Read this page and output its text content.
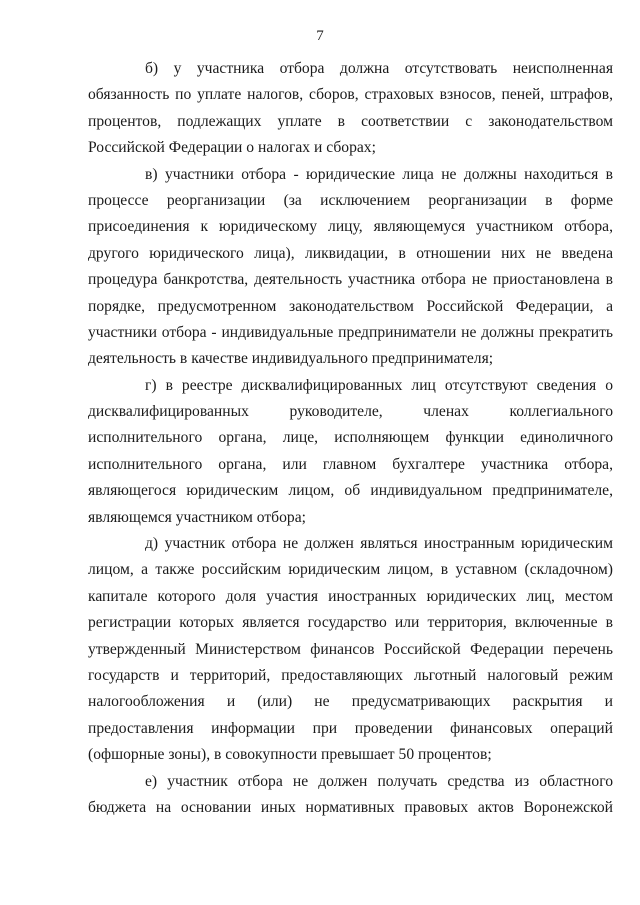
7
б) у участника отбора должна отсутствовать неисполненная
обязанность по уплате налогов, сборов, страховых взносов, пеней, штрафов,
процентов, подлежащих уплате в соответствии с законодательством
Российской Федерации о налогах и сборах;
в) участники отбора - юридические лица не должны находиться в
процессе реорганизации (за исключением реорганизации в форме
присоединения к юридическому лицу, являющемуся участником отбора,
другого юридического лица), ликвидации, в отношении них не введена
процедура банкротства, деятельность участника отбора не приостановлена в
порядке, предусмотренном законодательством Российской Федерации, а
участники отбора - индивидуальные предприниматели не должны прекратить
деятельность в качестве индивидуального предпринимателя;
г) в реестре дисквалифицированных лиц отсутствуют сведения о
дисквалифицированных руководителе, членах коллегиального
исполнительного органа, лице, исполняющем функции единоличного
исполнительного органа, или главном бухгалтере участника отбора,
являющегося юридическим лицом, об индивидуальном предпринимателе,
являющемся участником отбора;
д) участник отбора не должен являться иностранным юридическим
лицом, а также российским юридическим лицом, в уставном (складочном)
капитале которого доля участия иностранных юридических лиц, местом
регистрации которых является государство или территория, включенные в
утвержденный Министерством финансов Российской Федерации перечень
государств и территорий, предоставляющих льготный налоговый режим
налогообложения и (или) не предусматривающих раскрытия и
предоставления информации при проведении финансовых операций
(офшорные зоны), в совокупности превышает 50 процентов;
е) участник отбора не должен получать средства из областного
бюджета на основании иных нормативных правовых актов Воронежской
